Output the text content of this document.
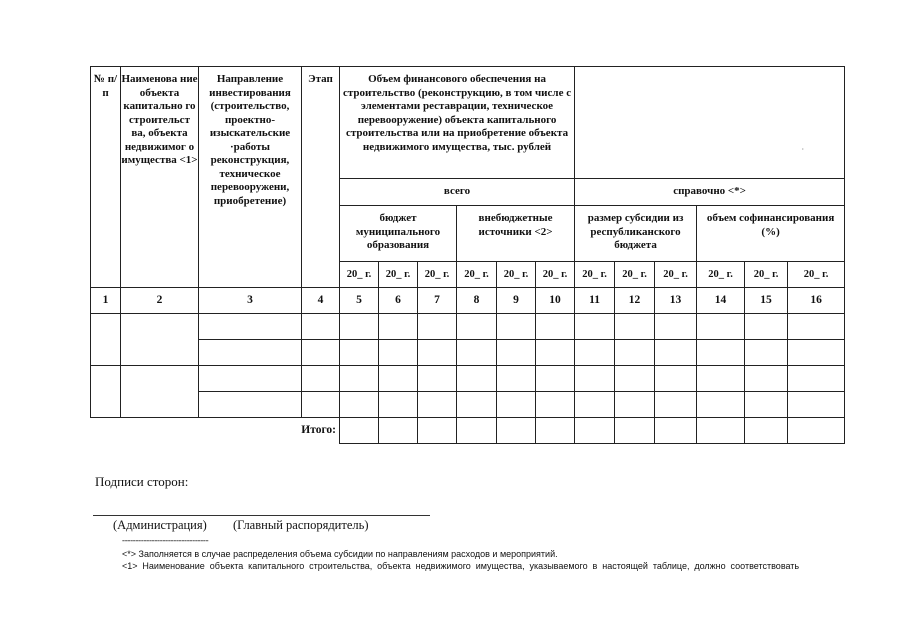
№ п/п	Наименова ние объекта капитально го строительст ва, объекта недвижимог о имущества <1>	Направление инвестирования (строительство, проектно-изыскательские ·работы реконструкция, техническое перевооружени, приобретение)	Этап	Объем финансового обеспечения на строительство (реконструкцию, в том числе с элементами реставрации, техническое перевооружение) объекта капитального строительства или на приобретение объекта недвижимого имущества, тыс. рублей						·					

				всего						справочно <*>					
				бюджет муниципального образования			внебюджетные источники <2>			размер субсидии из республиканского бюджета			объем софинансирования (%)		
				20_ г.	20_ г.	20_ г.	20_ г.	20_ г.	20_ г.	20_ г.	20_ г.	20_ г.	20_ г.	20_ г.	20_ г.
1	2	3	4	5	6	7	8	9	10	11	12	13	14	15	16

Итого:															

Подписи сторон:

(Администрация) (Главный распорядитель)

--------------------------------

<*> Заполняется в случае распределения объема субсидии по направлениям расходов и мероприятий.

<1> Наименование объекта капитального строительства, объекта недвижимого имущества, указываемого в настоящей таблице, должно соответствовать
